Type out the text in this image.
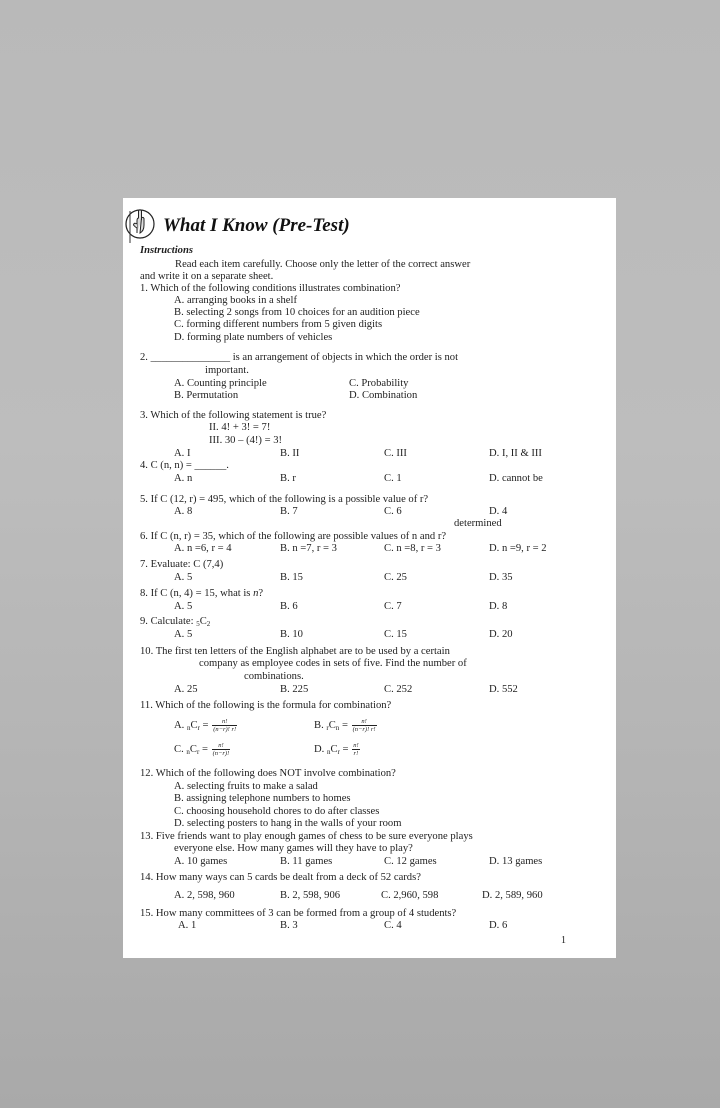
What I Know (Pre-Test)
Instructions
Read each item carefully. Choose only the letter of the correct answer
and write it on a separate sheet.
1. Which of the following conditions illustrates combination?
A. arranging books in a shelf
B. selecting 2 songs from 10 choices for an audition piece
C. forming different numbers from 5 given digits
D. forming plate numbers of vehicles
2. _______________ is an arrangement of objects in which the order is not
important.
A. Counting principle	C. Probability
B. Permutation	D. Combination
3. Which of the following statement is true?
II. 4! + 3! = 7!
III. 30 – (4!) = 3!
A. I	B. II	C. III	D. I, II & III
4. C (n, n) = ______.
A. n	B. r	C. 1	D. cannot be
5. If C (12, r) = 495, which of the following is a possible value of r?
A. 8	B. 7	C. 6	D. 4
determined
6. If C (n, r) = 35, which of the following are possible values of n and r?
A. n =6, r = 4	B. n =7, r = 3	C. n =8, r = 3	D. n =9, r = 2
7. Evaluate: C (7,4)
A. 5	B. 15	C. 25	D. 35
8. If C (n, 4) = 15, what is n?
A. 5	B. 6	C. 7	D. 8
9. Calculate: $_5C_2$
A. 5	B. 10	C. 15	D. 20
10. The first ten letters of the English alphabet are to be used by a certain
company as employee codes in sets of five. Find the number of
combinations.
A. 25	B. 225	C. 252	D. 552
11. Which of the following is the formula for combination?
A. $_nC_r = \frac{n!}{(n-r)! r!}$	B. $_rC_n = \frac{n!}{(n-r)! r!}$
C. $_nC_r = \frac{n!}{(n-r)!}$	D. $_nC_r = \frac{n!}{r!}$
12. Which of the following does NOT involve combination?
A. selecting fruits to make a salad
B. assigning telephone numbers to homes
C. choosing household chores to do after classes
D. selecting posters to hang in the walls of your room
13. Five friends want to play enough games of chess to be sure everyone plays
everyone else. How many games will they have to play?
A. 10 games	B. 11 games	C. 12 games	D. 13 games
14. How many ways can 5 cards be dealt from a deck of 52 cards?
A. 2, 598, 960	B. 2, 598, 906	C. 2,960, 598	D. 2, 589, 960
15. How many committees of 3 can be formed from a group of 4 students?
A. 1	B. 3	C. 4	D. 6
1
